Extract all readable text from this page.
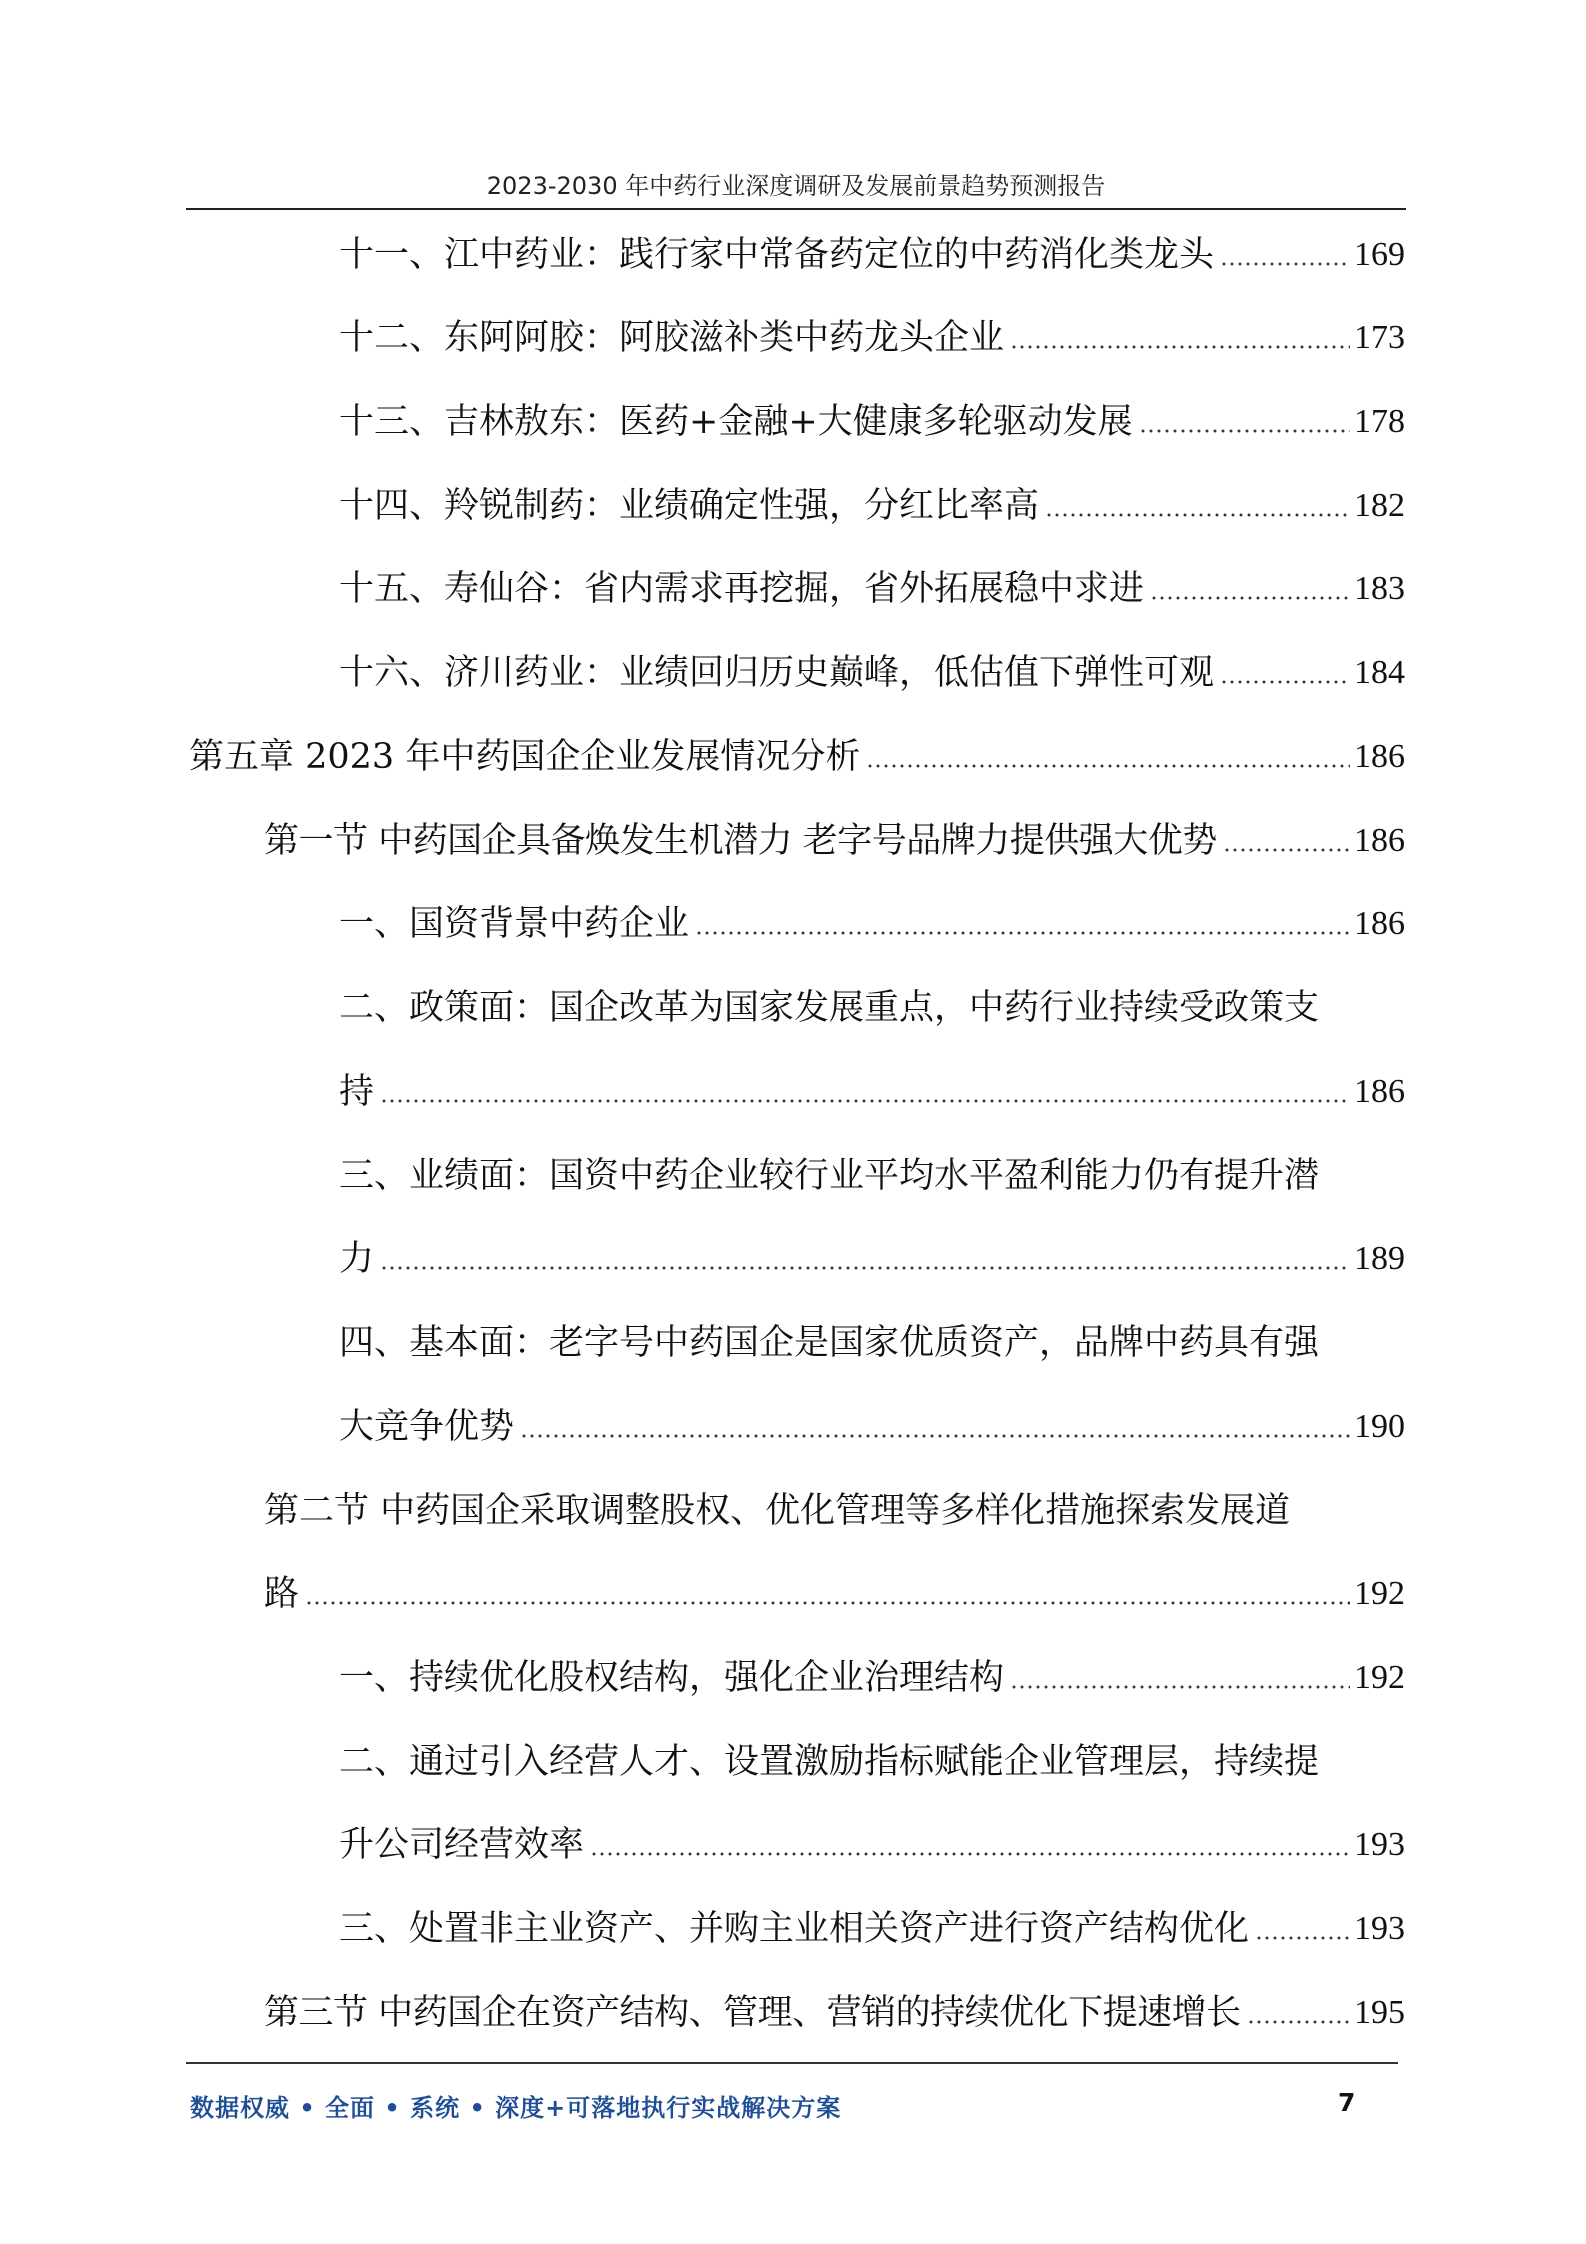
2023-2030 年中药行业深度调研及发展前景趋势预测报告
十一、江中药业：践行家中常备药定位的中药消化类龙头	169
十二、东阿阿胶：阿胶滋补类中药龙头企业	173
十三、吉林敖东：医药+金融+大健康多轮驱动发展	178
十四、羚锐制药：业绩确定性强，分红比率高	182
十五、寿仙谷：省内需求再挖掘，省外拓展稳中求进	183
十六、济川药业：业绩回归历史巅峰，低估值下弹性可观	184
第五章 2023 年中药国企企业发展情况分析	186
第一节 中药国企具备焕发生机潜力 老字号品牌力提供强大优势	186
一、国资背景中药企业	186
二、政策面：国企改革为国家发展重点，中药行业持续受政策支
持	186
三、业绩面：国资中药企业较行业平均水平盈利能力仍有提升潜
力	189
四、基本面：老字号中药国企是国家优质资产，品牌中药具有强
大竞争优势	190
第二节 中药国企采取调整股权、优化管理等多样化措施探索发展道
路	192
一、持续优化股权结构，强化企业治理结构	192
二、通过引入经营人才、设置激励指标赋能企业管理层，持续提
升公司经营效率	193
三、处置非主业资产、并购主业相关资产进行资产结构优化	193
第三节 中药国企在资产结构、管理、营销的持续优化下提速增长	195
数据权威 • 全面 • 系统 • 深度+可落地执行实战解决方案	7
